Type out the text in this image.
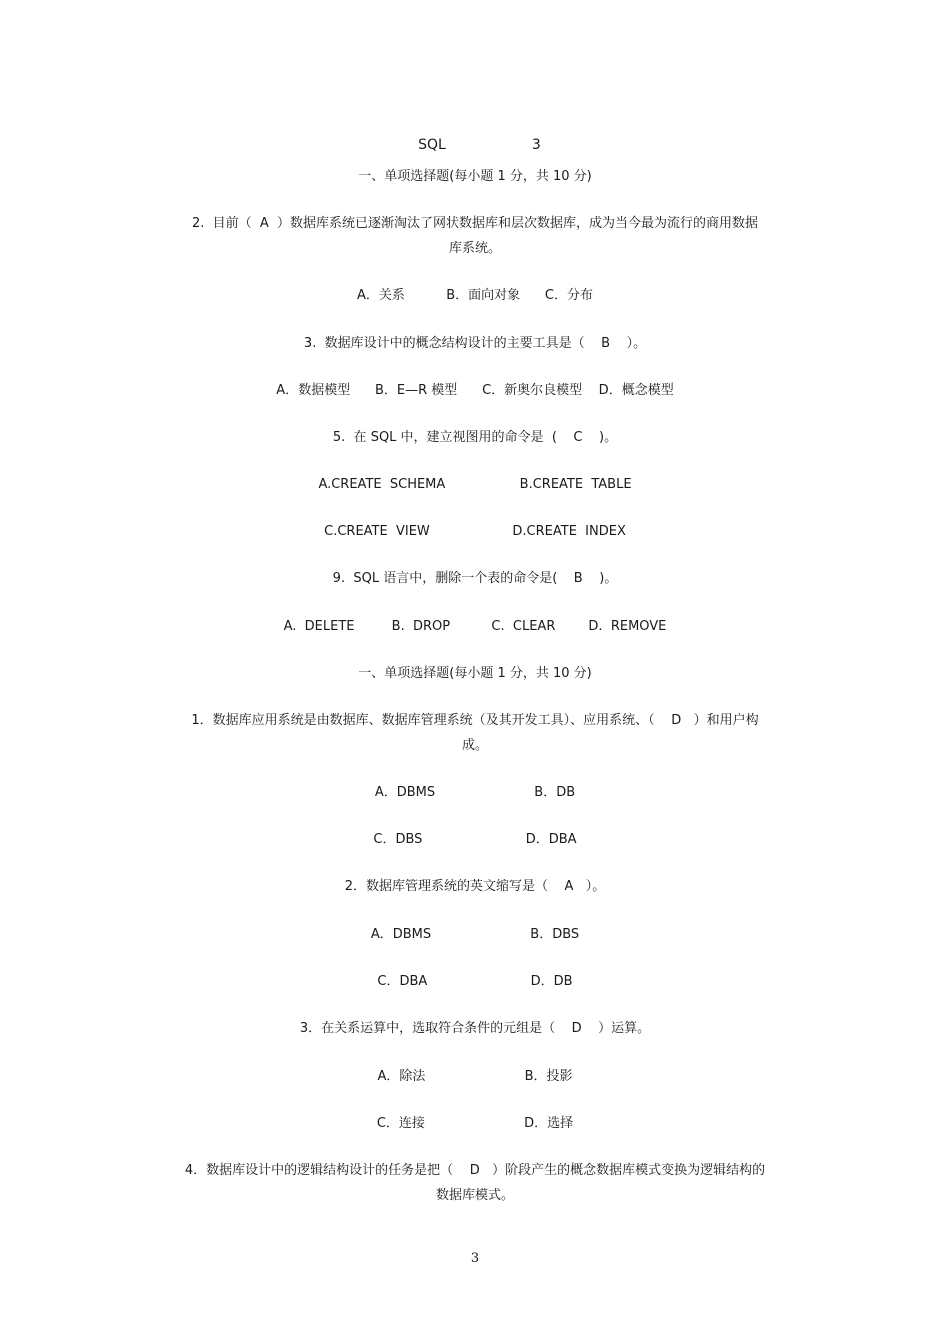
SQL	3

一、单项选择题(每小题 1 分，共 10 分)
2.  目前（  A  ）数据库系统已逐渐淘汰了网状数据库和层次数据库，成为当今最为流行的商用数据
库系统。
A．关系          B．面向对象      C．分布
3.  数据库设计中的概念结构设计的主要工具是（    B    ）。
A．数据模型      B．E—R 模型      C．新奥尔良模型    D．概念模型
5.  在 SQL 中，建立视图用的命令是  (    C    )。
A.CREATE  SCHEMA                  B.CREATE  TABLE
C.CREATE  VIEW                    D.CREATE  INDEX
9.  SQL 语言中，删除一个表的命令是(    B    )。
A.  DELETE         B.  DROP          C.  CLEAR        D.  REMOVE
一、单项选择题(每小题 1 分，共 10 分)
1．数据库应用系统是由数据库、数据库管理系统（及其开发工具）、应用系统、（    D   ）和用户构
成。
A．DBMS                        B．DB
C．DBS                         D．DBA
2．数据库管理系统的英文缩写是（    A   ）。
A．DBMS                        B．DBS
C．DBA                         D．DB
3．在关系运算中，选取符合条件的元组是（    D    ）运算。
A．除法                        B．投影
C．连接                        D．选择
4．数据库设计中的逻辑结构设计的任务是把（    D   ）阶段产生的概念数据库模式变换为逻辑结构的
数据库模式。
3
